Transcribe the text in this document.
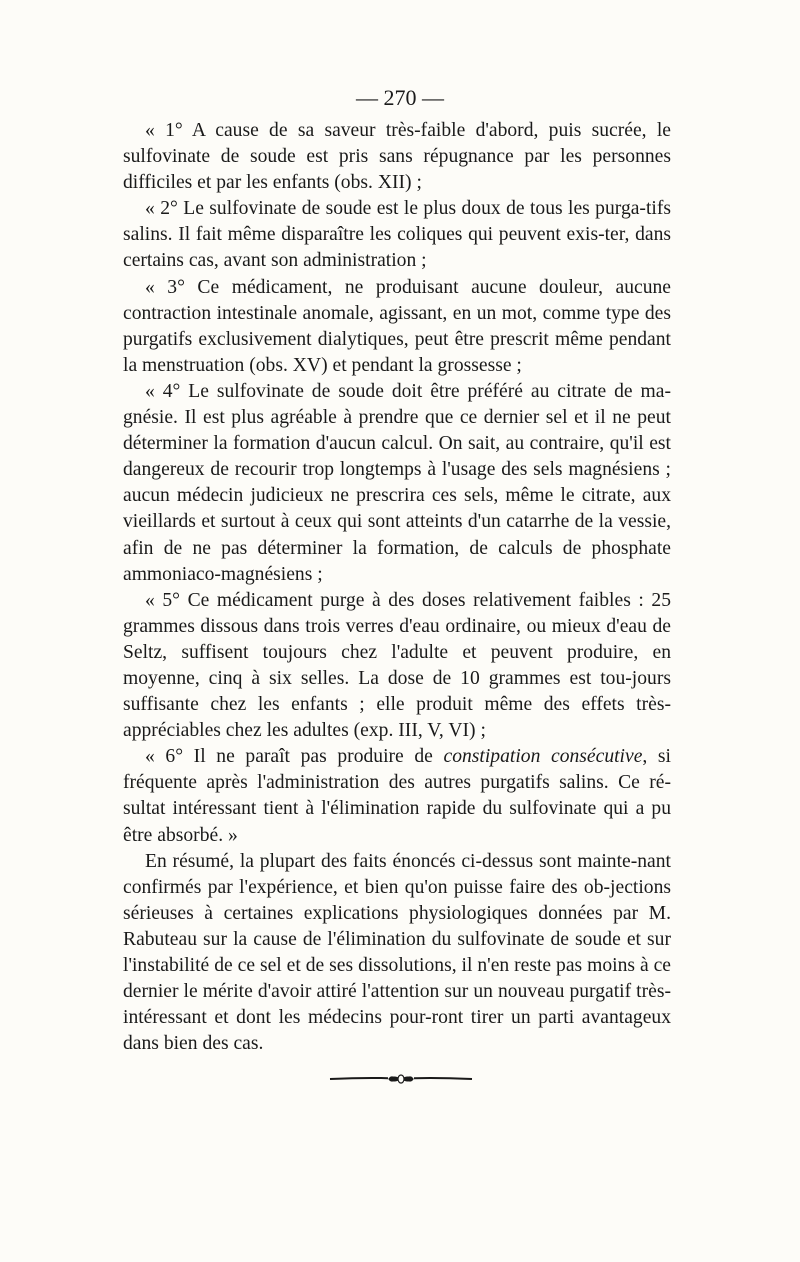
— 270 —

« 1° A cause de sa saveur très-faible d'abord, puis sucrée, le sulfovinate de soude est pris sans répugnance par les personnes difficiles et par les enfants (obs. XII) ;

« 2° Le sulfovinate de soude est le plus doux de tous les purga-tifs salins. Il fait même disparaître les coliques qui peuvent exis-ter, dans certains cas, avant son administration ;

« 3° Ce médicament, ne produisant aucune douleur, aucune contraction intestinale anomale, agissant, en un mot, comme type des purgatifs exclusivement dialytiques, peut être prescrit même pendant la menstruation (obs. XV) et pendant la grossesse ;

« 4° Le sulfovinate de soude doit être préféré au citrate de ma-gnésie. Il est plus agréable à prendre que ce dernier sel et il ne peut déterminer la formation d'aucun calcul. On sait, au contraire, qu'il est dangereux de recourir trop longtemps à l'usage des sels magnésiens ; aucun médecin judicieux ne prescrira ces sels, même le citrate, aux vieillards et surtout à ceux qui sont atteints d'un catarrhe de la vessie, afin de ne pas déterminer la formation, de calculs de phosphate ammoniaco-magnésiens ;

« 5° Ce médicament purge à des doses relativement faibles : 25 grammes dissous dans trois verres d'eau ordinaire, ou mieux d'eau de Seltz, suffisent toujours chez l'adulte et peuvent produire, en moyenne, cinq à six selles. La dose de 10 grammes est tou-jours suffisante chez les enfants ; elle produit même des effets très-appréciables chez les adultes (exp. III, V, VI) ;

« 6° Il ne paraît pas produire de constipation consécutive, si fréquente après l'administration des autres purgatifs salins. Ce ré-sultat intéressant tient à l'élimination rapide du sulfovinate qui a pu être absorbé. »

En résumé, la plupart des faits énoncés ci-dessus sont mainte-nant confirmés par l'expérience, et bien qu'on puisse faire des ob-jections sérieuses à certaines explications physiologiques données par M. Rabuteau sur la cause de l'élimination du sulfovinate de soude et sur l'instabilité de ce sel et de ses dissolutions, il n'en reste pas moins à ce dernier le mérite d'avoir attiré l'attention sur un nouveau purgatif très-intéressant et dont les médecins pour-ront tirer un parti avantageux dans bien des cas.
